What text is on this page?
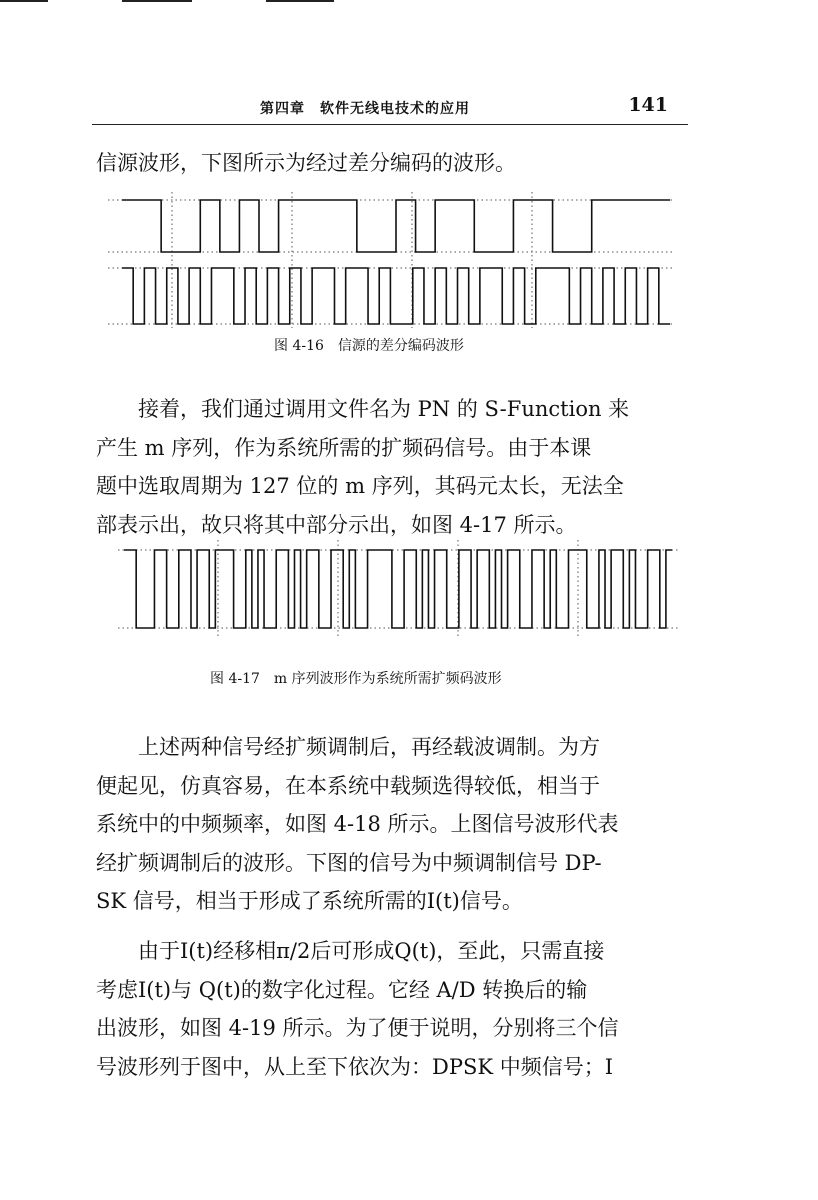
第四章　软件无线电技术的应用	141
信源波形，下图所示为经过差分编码的波形。
图 4-16　信源的差分编码波形
　　接着，我们通过调用文件名为 PN 的 S-Function 来
产生 m 序列，作为系统所需的扩频码信号。由于本课
题中选取周期为 127 位的 m 序列，其码元太长，无法全
部表示出，故只将其中部分示出，如图 4-17 所示。
图 4-17　m 序列波形作为系统所需扩频码波形
　　上述两种信号经扩频调制后，再经载波调制。为方
便起见，仿真容易，在本系统中载频选得较低，相当于
系统中的中频频率，如图 4-18 所示。上图信号波形代表
经扩频调制后的波形。下图的信号为中频调制信号 DP-
SK 信号，相当于形成了系统所需的I(t)信号。
　　由于I(t)经移相π/2后可形成Q(t)，至此，只需直接
考虑I(t)与 Q(t)的数字化过程。它经 A/D 转换后的输
出波形，如图 4-19 所示。为了便于说明，分别将三个信
号波形列于图中，从上至下依次为：DPSK 中频信号；I
